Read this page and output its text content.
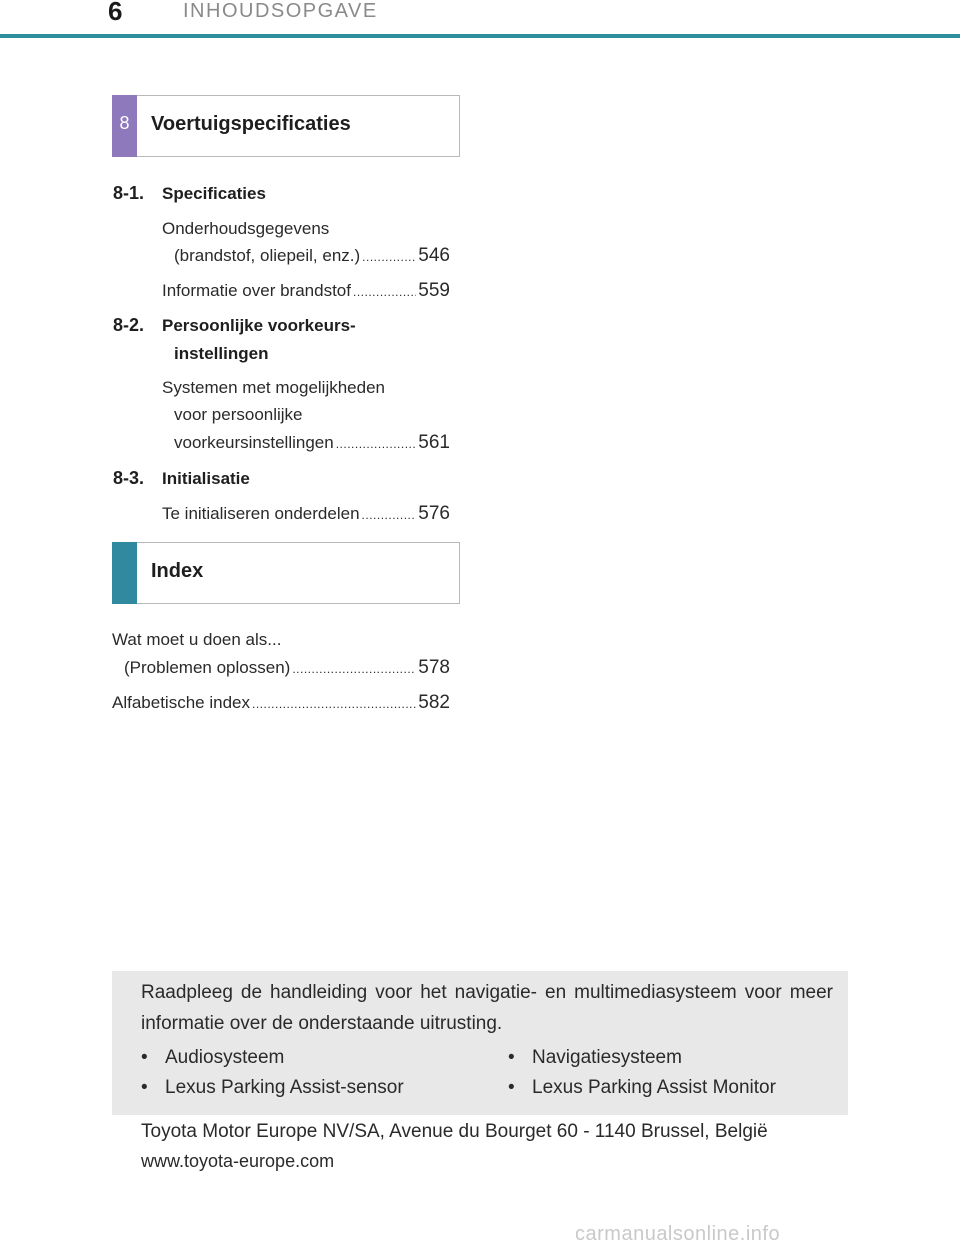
6	INHOUDSOPGAVE
8	Voertuigspecificaties
8-1. Specificaties
Onderhoudsgegevens
(brandstof, oliepeil, enz.) .....	546
Informatie over brandstof .....	559
8-2. Persoonlijke voorkeurs-
instellingen
Systemen met mogelijkheden
voor persoonlijke
voorkeursinstellingen .....	561
8-3. Initialisatie
Te initialiseren onderdelen .....	576
Index
Wat moet u doen als...
(Problemen oplossen) .....	578
Alfabetische index .....	582
Raadpleeg de handleiding voor het navigatie- en multimediasysteem voor meer informatie over de onderstaande uitrusting.
• Audiosysteem	• Navigatiesysteem
• Lexus Parking Assist-sensor	• Lexus Parking Assist Monitor
Toyota Motor Europe NV/SA, Avenue du Bourget 60 - 1140 Brussel, België
www.toyota-europe.com
carmanualsonline.info
